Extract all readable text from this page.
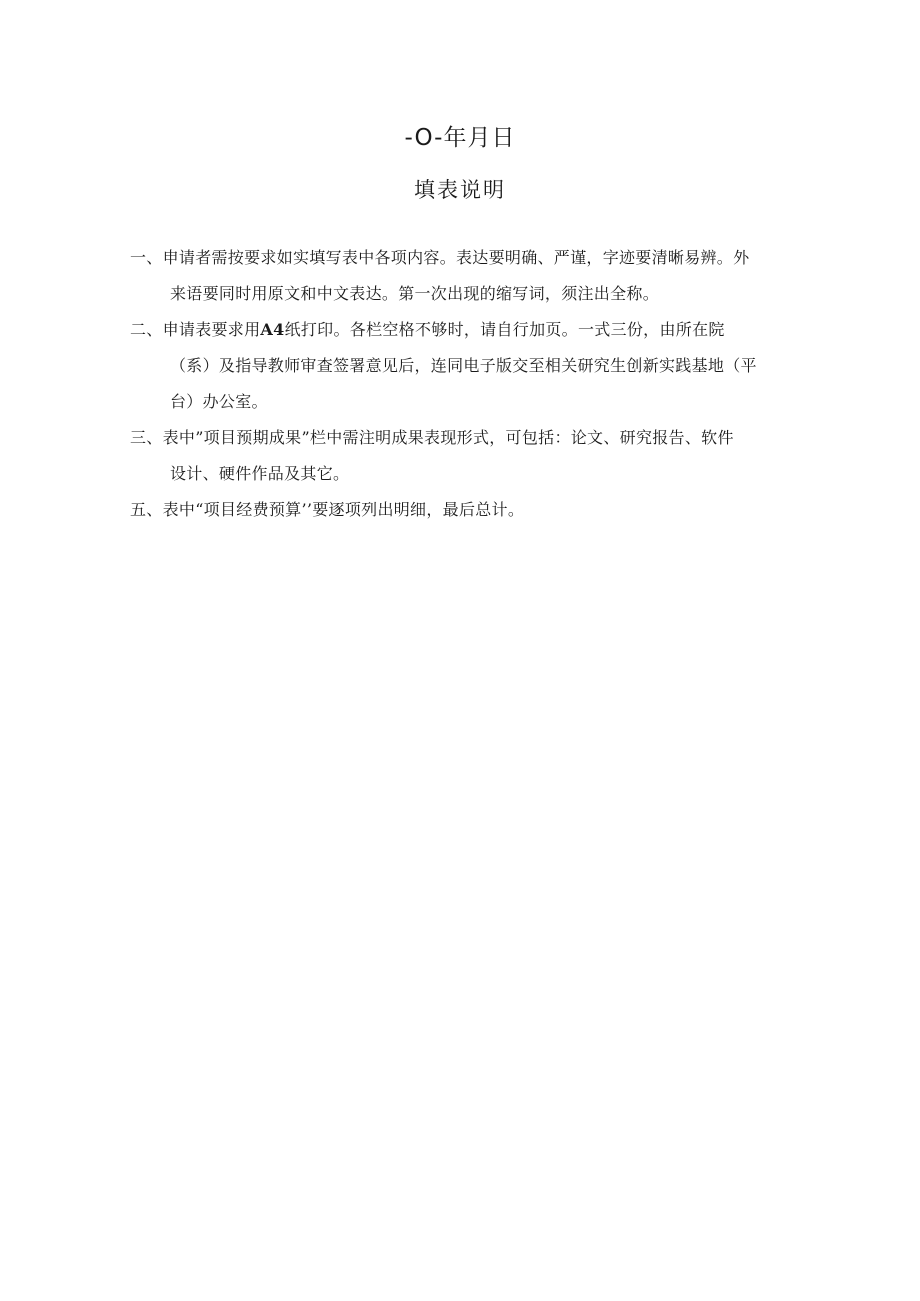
-O-年月日
填表说明
一、申请者需按要求如实填写表中各项内容。表达要明确、严谨，字迹要清晰易辨。外
来语要同时用原文和中文表达。第一次出现的缩写词，须注出全称。
二、申请表要求用A4纸打印。各栏空格不够时，请自行加页。一式三份，由所在院
（系）及指导教师审查签署意见后，连同电子版交至相关研究生创新实践基地（平
台）办公室。
三、表中”项目预期成果”栏中需注明成果表现形式，可包括：论文、研究报告、软件
设计、硬件作品及其它。
五、表中“项目经费预算’’要逐项列出明细，最后总计。
